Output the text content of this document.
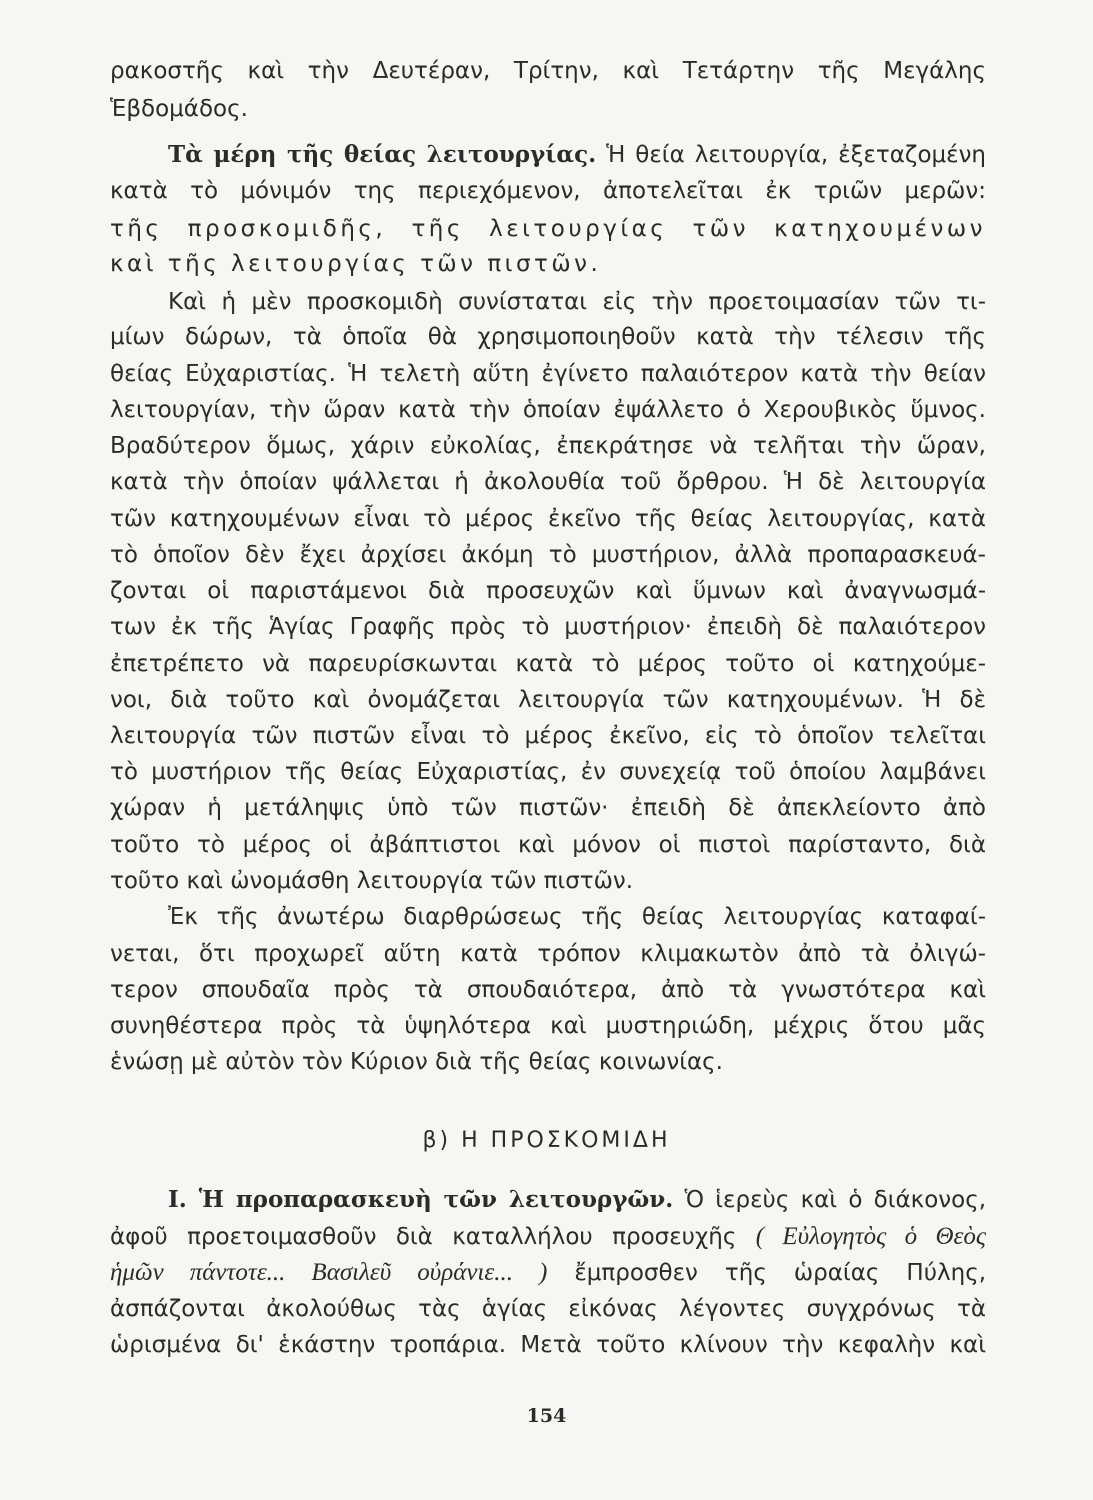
ρακοστῆς καὶ τὴν Δευτέραν, Τρίτην, καὶ Τετάρτην τῆς Μεγάλης
Ἑβδομάδος.
Τὰ μέρη τῆς θείας λειτουργίας. Ἡ θεία λειτουργία, ἐξεταζομένη
κατὰ τὸ μόνιμόν της περιεχόμενον, ἀποτελεῖται ἐκ τριῶν μερῶν:
τῆς προσκομιδῆς, τῆς λειτουργίας τῶν κατηχουμένων
καὶ τῆς λειτουργίας τῶν πιστῶν.
Καὶ ἡ μὲν προσκομιδὴ συνίσταται εἰς τὴν προετοιμασίαν τῶν τι-
μίων δώρων, τὰ ὁποῖα θὰ χρησιμοποιηθοῦν κατὰ τὴν τέλεσιν τῆς
θείας Εὐχαριστίας. Ἡ τελετὴ αὕτη ἐγίνετο παλαιότερον κατὰ τὴν θείαν
λειτουργίαν, τὴν ὥραν κατὰ τὴν ὁποίαν ἐψάλλετο ὁ Χερουβικὸς ὕμνος.
Βραδύτερον ὅμως, χάριν εὐκολίας, ἐπεκράτησε νὰ τελῆται τὴν ὥραν,
κατὰ τὴν ὁποίαν ψάλλεται ἡ ἀκολουθία τοῦ ὄρθρου. Ἡ δὲ λειτουργία
τῶν κατηχουμένων εἶναι τὸ μέρος ἐκεῖνο τῆς θείας λειτουργίας, κατὰ
τὸ ὁποῖον δὲν ἔχει ἀρχίσει ἀκόμη τὸ μυστήριον, ἀλλὰ προπαρασκευά-
ζονται οἱ παριστάμενοι διὰ προσευχῶν καὶ ὕμνων καὶ ἀναγνωσμά-
των ἐκ τῆς Ἁγίας Γραφῆς πρὸς τὸ μυστήριον· ἐπειδὴ δὲ παλαιότερον
ἐπετρέπετο νὰ παρευρίσκωνται κατὰ τὸ μέρος τοῦτο οἱ κατηχούμε-
νοι, διὰ τοῦτο καὶ ὀνομάζεται λειτουργία τῶν κατηχουμένων. Ἡ δὲ
λειτουργία τῶν πιστῶν εἶναι τὸ μέρος ἐκεῖνο, εἰς τὸ ὁποῖον τελεῖται
τὸ μυστήριον τῆς θείας Εὐχαριστίας, ἐν συνεχείᾳ τοῦ ὁποίου λαμβάνει
χώραν ἡ μετάληψις ὑπὸ τῶν πιστῶν· ἐπειδὴ δὲ ἀπεκλείοντο ἀπὸ
τοῦτο τὸ μέρος οἱ ἀβάπτιστοι καὶ μόνον οἱ πιστοὶ παρίσταντο, διὰ
τοῦτο καὶ ὠνομάσθη λειτουργία τῶν πιστῶν.
Ἐκ τῆς ἀνωτέρω διαρθρώσεως τῆς θείας λειτουργίας καταφαί-
νεται, ὅτι προχωρεῖ αὕτη κατὰ τρόπον κλιμακωτὸν ἀπὸ τὰ ὀλιγώ-
τερον σπουδαῖα πρὸς τὰ σπουδαιότερα, ἀπὸ τὰ γνωστότερα καὶ
συνηθέστερα πρὸς τὰ ὑψηλότερα καὶ μυστηριώδη, μέχρις ὅτου μᾶς
ἑνώσῃ μὲ αὐτὸν τὸν Κύριον διὰ τῆς θείας κοινωνίας.
β) Η ΠΡΟΣΚΟΜΙΔΗ
Ι. Ἡ προπαρασκευὴ τῶν λειτουργῶν. Ὁ ἱερεὺς καὶ ὁ διάκονος,
ἀφοῦ προετοιμασθοῦν διὰ καταλλήλου προσευχῆς ( Εὐλογητὸς ὁ Θεὸς
ἡμῶν πάντοτε... Βασιλεῦ οὐράνιε... ) ἔμπροσθεν τῆς ὡραίας Πύλης,
ἀσπάζονται ἀκολούθως τὰς ἁγίας εἰκόνας λέγοντες συγχρόνως τὰ
ὡρισμένα δι' ἑκάστην τροπάρια. Μετὰ τοῦτο κλίνουν τὴν κεφαλὴν καὶ
154
